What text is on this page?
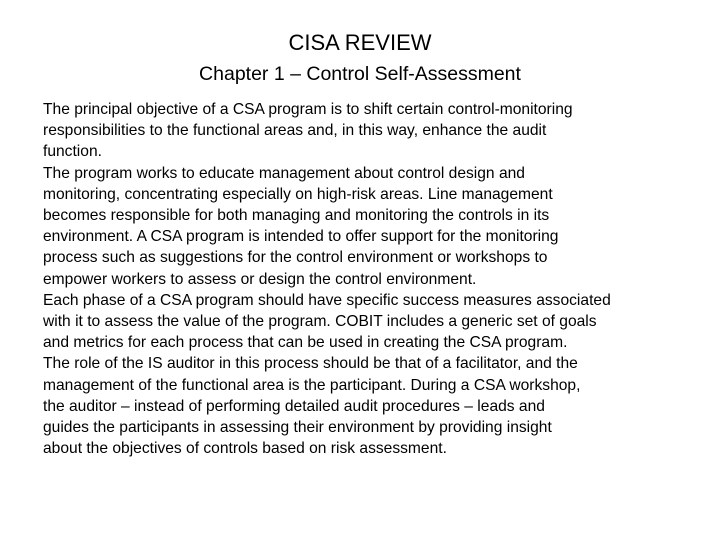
CISA REVIEW
Chapter 1 – Control Self-Assessment
The principal objective of a CSA program is to shift certain control-monitoring
responsibilities to the functional areas and, in this way, enhance the audit
function.
The program works to educate management about control design and
monitoring, concentrating especially on high-risk areas. Line management
becomes responsible for both managing and monitoring the controls in its
environment. A CSA program is intended to offer support for the monitoring
process such as suggestions for the control environment or workshops to
empower workers to assess or design the control environment.
Each phase of a CSA program should have specific success measures associated
with it to assess the value of the program. COBIT includes a generic set of goals
and metrics for each process that can be used in creating the CSA program.
The role of the IS auditor in this process should be that of a facilitator, and the
management of the functional area is the participant. During a CSA workshop,
the auditor – instead of performing detailed audit procedures – leads and
guides the participants in assessing their environment by providing insight
about the objectives of controls based on risk assessment.
